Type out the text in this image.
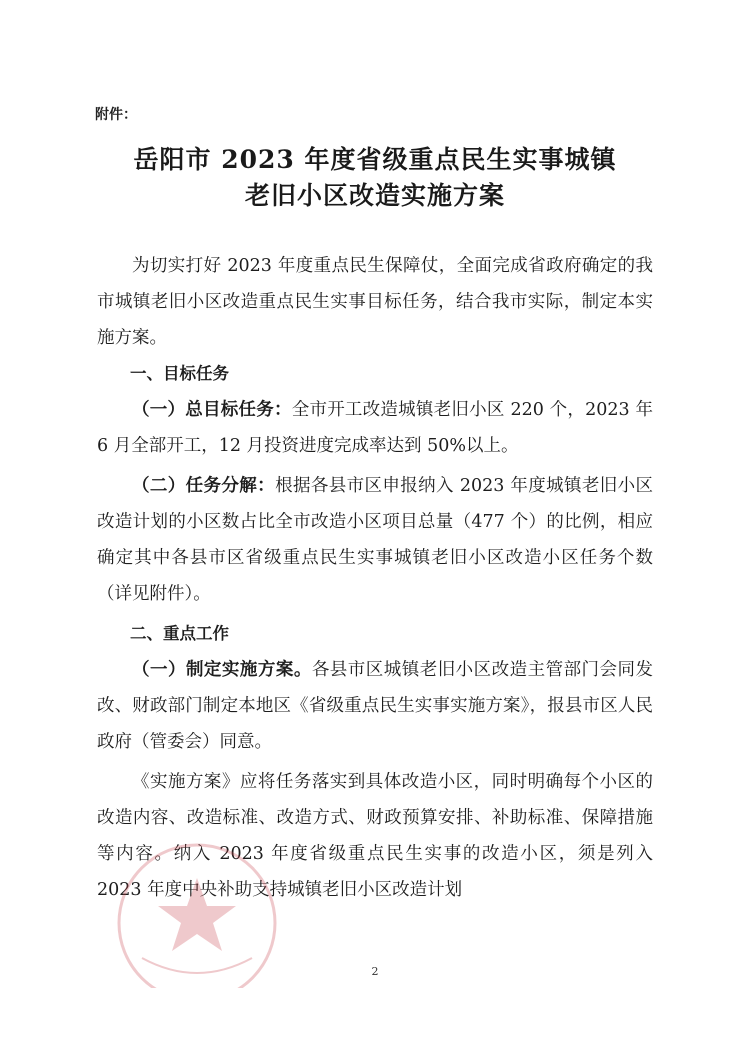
附件：
岳阳市 2023 年度省级重点民生实事城镇
老旧小区改造实施方案

为切实打好 2023 年度重点民生保障仗，全面完成省政府确定的我市城镇老旧小区改造重点民生实事目标任务，结合我市实际，制定本实施方案。

一、目标任务

（一）总目标任务：全市开工改造城镇老旧小区 220 个，2023 年 6 月全部开工，12 月投资进度完成率达到 50%以上。

（二）任务分解：根据各县市区申报纳入 2023 年度城镇老旧小区改造计划的小区数占比全市改造小区项目总量（477 个）的比例，相应确定其中各县市区省级重点民生实事城镇老旧小区改造小区任务个数（详见附件）。

二、重点工作

（一）制定实施方案。各县市区城镇老旧小区改造主管部门会同发改、财政部门制定本地区《省级重点民生实事实施方案》，报县市区人民政府（管委会）同意。

《实施方案》应将任务落实到具体改造小区，同时明确每个小区的改造内容、改造标准、改造方式、财政预算安排、补助标准、保障措施等内容。纳入 2023 年度省级重点民生实事的改造小区，须是列入 2023 年度中央补助支持城镇老旧小区改造计划

2
